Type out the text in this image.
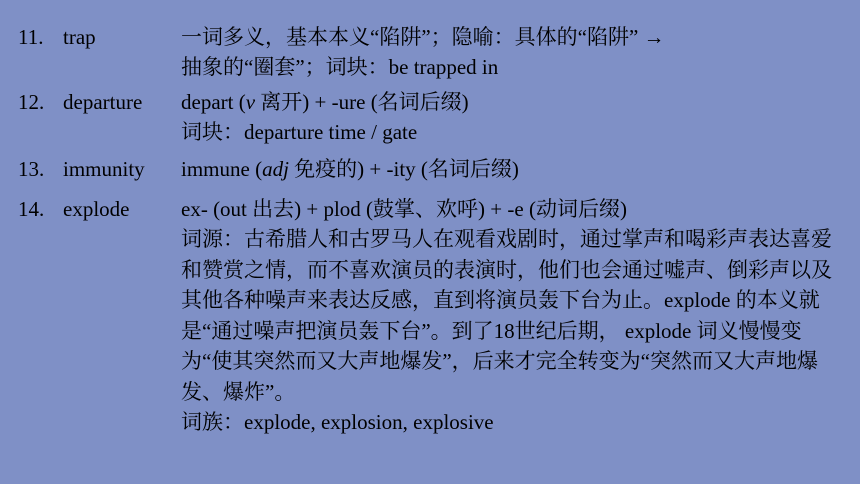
11. trap	一词多义，基本本义“陷阱”；隐喻：具体的“陷阱” →
抽象的“圈套”；词块：be trapped in
12. departure depart (v 离开) + -ure (名词后缀)
词块：departure time / gate
13. immunity immune (adj 免疫的) + -ity (名词后缀)
14. explode ex- (out 出去) + plod (鼓掌、欢呼) + -e (动词后缀)
词源：古希腊人和古罗马人在观看戏剧时，通过掌声和喝彩声表达喜爱和赞赏之情，而不喜欢演员的表演时，他们也会通过嘘声、倒彩声以及其他各种噪声来表达反感，直到将演员轰下台为止。explode 的本义就是“通过噪声把演员轰下台”。到了18世纪后期， explode 词义慢慢变为“使其突然而又大声地爆发”，后来才完全转变为“突然而又大声地爆发、爆炸”。
词族：explode, explosion, explosive
